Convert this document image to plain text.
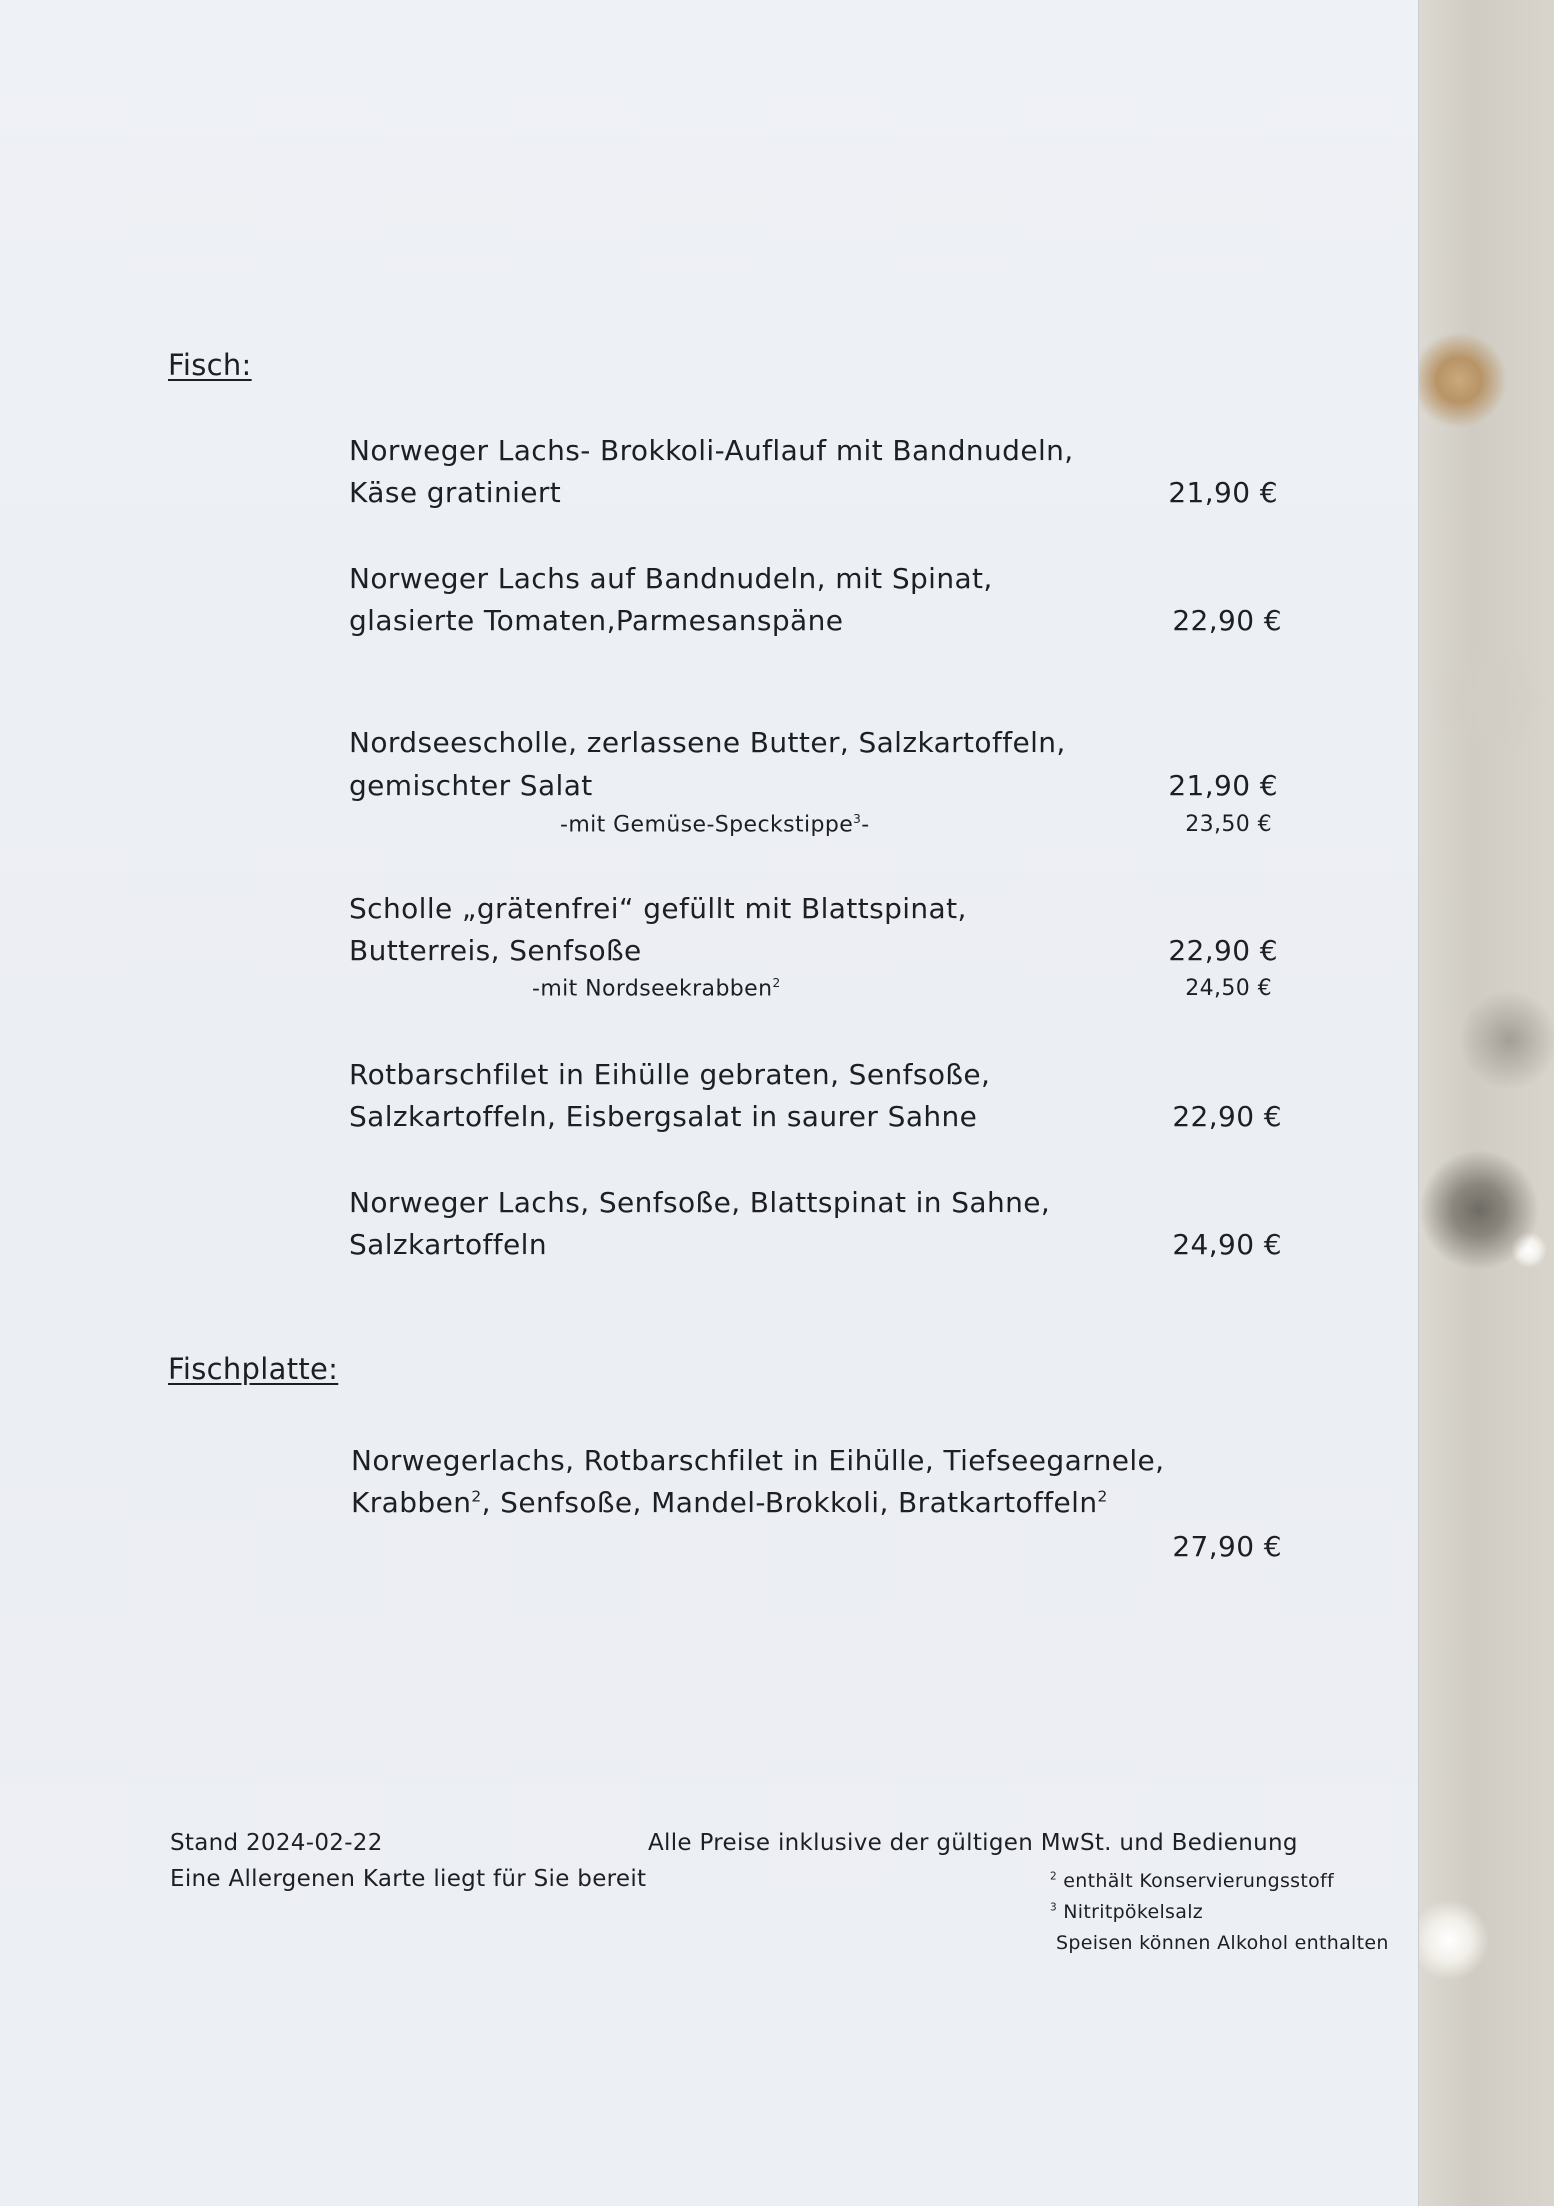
Fisch:
Norweger Lachs- Brokkoli-Auflauf mit Bandnudeln,
Käse gratiniert	21,90 €
Norweger Lachs auf Bandnudeln, mit Spinat,
glasierte Tomaten,Parmesanspäne	22,90 €
Nordseescholle, zerlassene Butter, Salzkartoffeln,
gemischter Salat	21,90 €
-mit Gemüse-Speckstippe$^3$-	23,50 €
Scholle „grätenfrei“ gefüllt mit Blattspinat,
Butterreis, Senfsoße	22,90 €
-mit Nordseekrabben$^2$	24,50 €
Rotbarschfilet in Eihülle gebraten, Senfsoße,
Salzkartoffeln, Eisbergsalat in saurer Sahne	22,90 €
Norweger Lachs, Senfsoße, Blattspinat in Sahne,
Salzkartoffeln	24,90 €
Fischplatte:
Norwegerlachs, Rotbarschfilet in Eihülle, Tiefseegarnele,
Krabben$^2$, Senfsoße, Mandel-Brokkoli, Bratkartoffeln$^2$
27,90 €
Stand 2024-02-22
Eine Allergenen Karte liegt für Sie bereit
Alle Preise inklusive der gültigen MwSt. und Bedienung
$^2$ enthält Konservierungsstoff
$^3$ Nitritpökelsalz
Speisen können Alkohol enthalten
